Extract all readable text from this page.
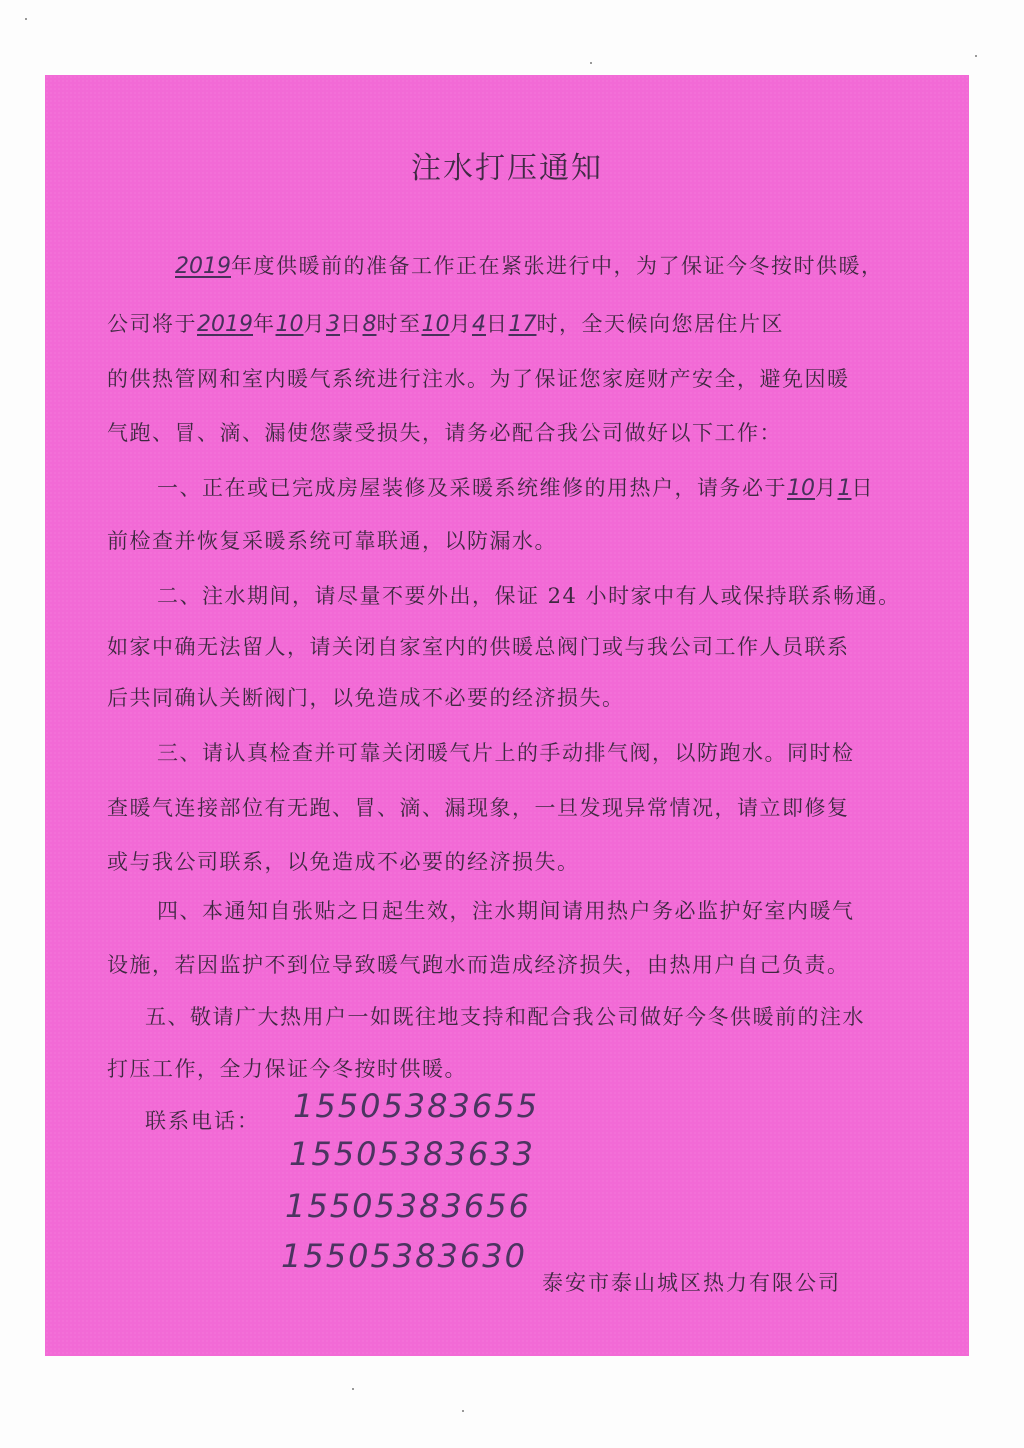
注水打压通知
2019年度供暖前的准备工作正在紧张进行中，为了保证今冬按时供暖，
公司将于2019年10月3日8时至10月4日17时，全天候向您居住片区
的供热管网和室内暖气系统进行注水。为了保证您家庭财产安全，避免因暖
气跑、冒、滴、漏使您蒙受损失，请务必配合我公司做好以下工作：
一、正在或已完成房屋装修及采暖系统维修的用热户，请务必于10月1日
前检查并恢复采暖系统可靠联通，以防漏水。
二、注水期间，请尽量不要外出，保证 24 小时家中有人或保持联系畅通。
如家中确无法留人，请关闭自家室内的供暖总阀门或与我公司工作人员联系
后共同确认关断阀门，以免造成不必要的经济损失。
三、请认真检查并可靠关闭暖气片上的手动排气阀，以防跑水。同时检
查暖气连接部位有无跑、冒、滴、漏现象，一旦发现异常情况，请立即修复
或与我公司联系，以免造成不必要的经济损失。
四、本通知自张贴之日起生效，注水期间请用热户务必监护好室内暖气
设施，若因监护不到位导致暖气跑水而造成经济损失，由热用户自己负责。
五、敬请广大热用户一如既往地支持和配合我公司做好今冬供暖前的注水
打压工作，全力保证今冬按时供暖。
联系电话： 15505383655
15505383633
15505383656
15505383630
泰安市泰山城区热力有限公司
